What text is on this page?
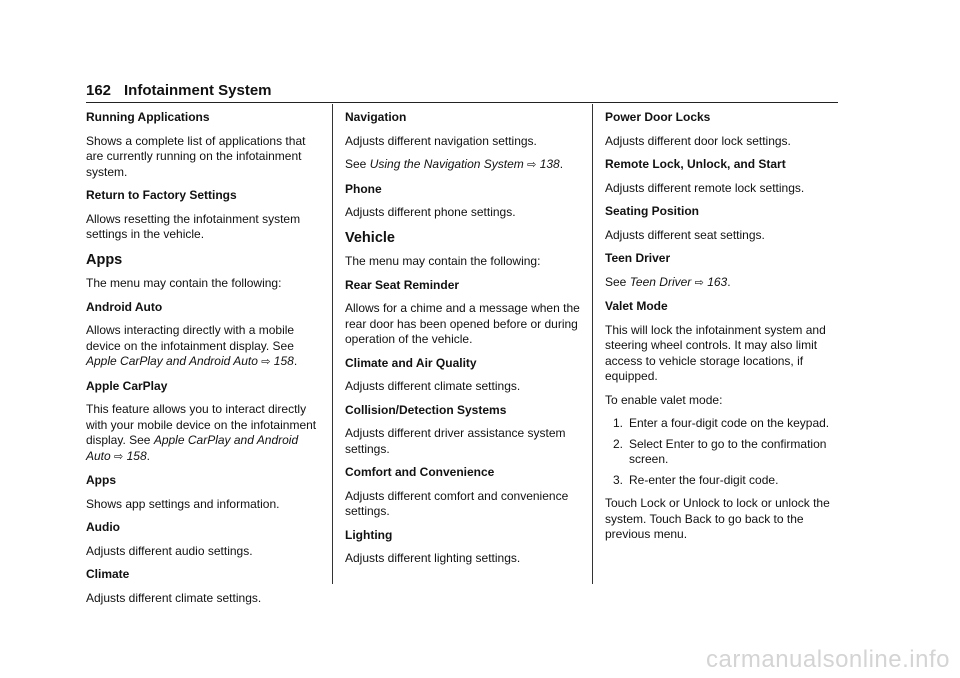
162 Infotainment System
Running Applications
Shows a complete list of applications that are currently running on the infotainment system.
Return to Factory Settings
Allows resetting the infotainment system settings in the vehicle.
Apps
The menu may contain the following:
Android Auto
Allows interacting directly with a mobile device on the infotainment display. See Apple CarPlay and Android Auto ⇨ 158.
Apple CarPlay
This feature allows you to interact directly with your mobile device on the infotainment display. See Apple CarPlay and Android Auto ⇨ 158.
Apps
Shows app settings and information.
Audio
Adjusts different audio settings.
Climate
Adjusts different climate settings.
Navigation
Adjusts different navigation settings.
See Using the Navigation System ⇨ 138.
Phone
Adjusts different phone settings.
Vehicle
The menu may contain the following:
Rear Seat Reminder
Allows for a chime and a message when the rear door has been opened before or during operation of the vehicle.
Climate and Air Quality
Adjusts different climate settings.
Collision/Detection Systems
Adjusts different driver assistance system settings.
Comfort and Convenience
Adjusts different comfort and convenience settings.
Lighting
Adjusts different lighting settings.
Power Door Locks
Adjusts different door lock settings.
Remote Lock, Unlock, and Start
Adjusts different remote lock settings.
Seating Position
Adjusts different seat settings.
Teen Driver
See Teen Driver ⇨ 163.
Valet Mode
This will lock the infotainment system and steering wheel controls. It may also limit access to vehicle storage locations, if equipped.
To enable valet mode:
1. Enter a four-digit code on the keypad.
2. Select Enter to go to the confirmation screen.
3. Re-enter the four-digit code.
Touch Lock or Unlock to lock or unlock the system. Touch Back to go back to the previous menu.
carmanualsonline.info
